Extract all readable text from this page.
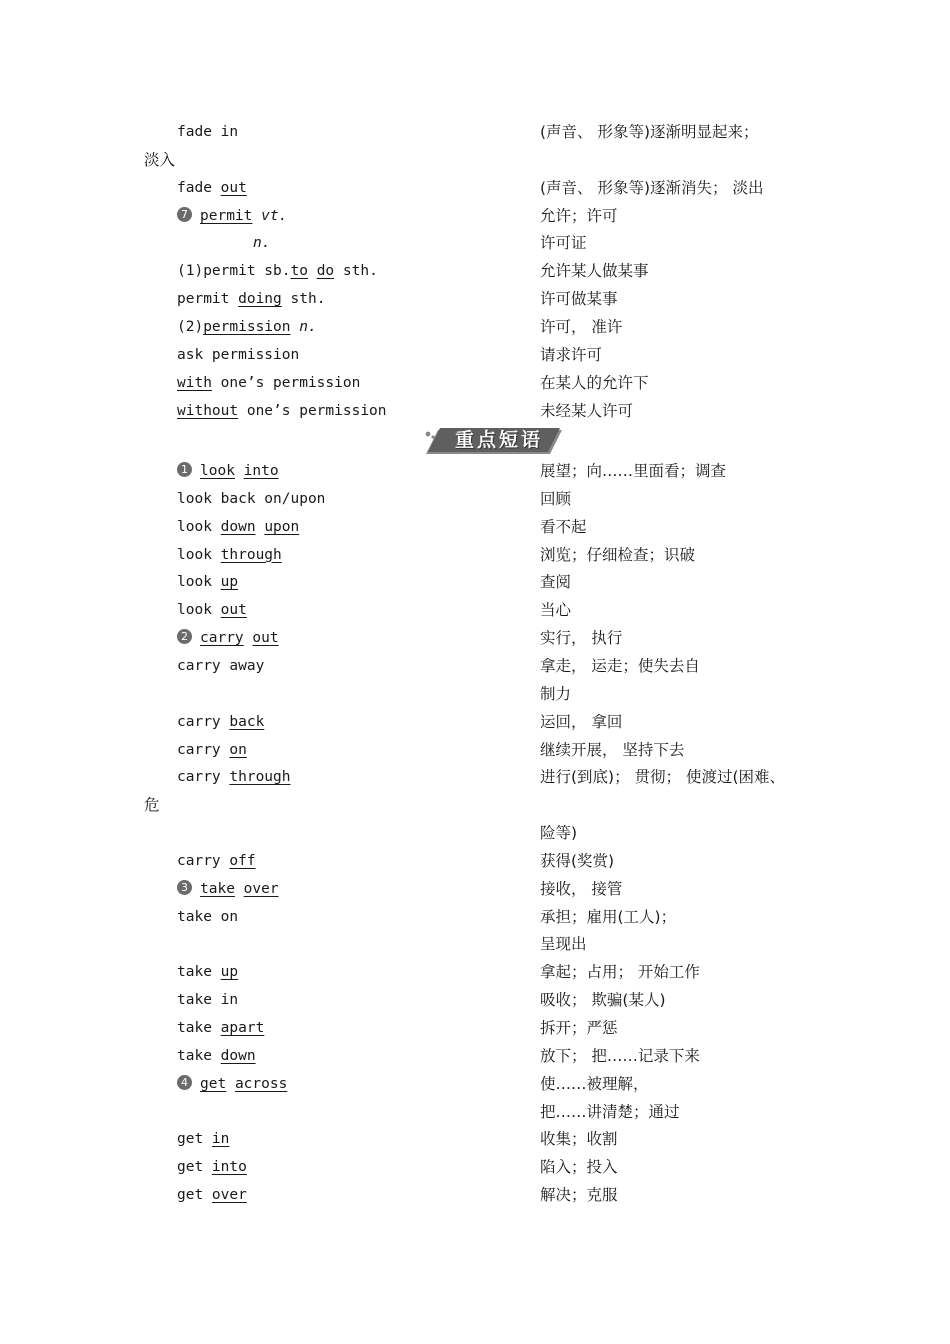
重点短语
fade in	(声音、 形象等)逐渐明显起来；
淡入
fade out	(声音、 形象等)逐渐消失； 淡出
7 permit vt.	允许；许可
n.	许可证
(1)permit sb.to  do sth.	允许某人做某事
permit doing sth.	许可做某事
(2)permission n.	许可， 准许
ask permission	请求许可
with one’s permission	在某人的允许下
without one’s permission	未经某人许可
1 look  into	展望；向……里面看；调查
look back on/upon	回顾
look down  upon	看不起
look through	浏览；仔细检查；识破
look up	查阅
look out	当心
2 carry  out	实行， 执行
carry away	拿走， 运走；使失去自
制力
carry back	运回， 拿回
carry on	继续开展， 坚持下去
carry through	进行(到底)； 贯彻； 使渡过(困难、
危
险等)
carry off	获得(奖赏)
3 take  over	接收， 接管
take on	承担；雇用(工人)；
呈现出
take up	拿起；占用； 开始工作
take in	吸收； 欺骗(某人)
take apart	拆开；严惩
take down	放下； 把……记录下来
4 get  across	使……被理解，
把……讲清楚；通过
get in	收集；收割
get into	陷入；投入
get over	解决；克服
